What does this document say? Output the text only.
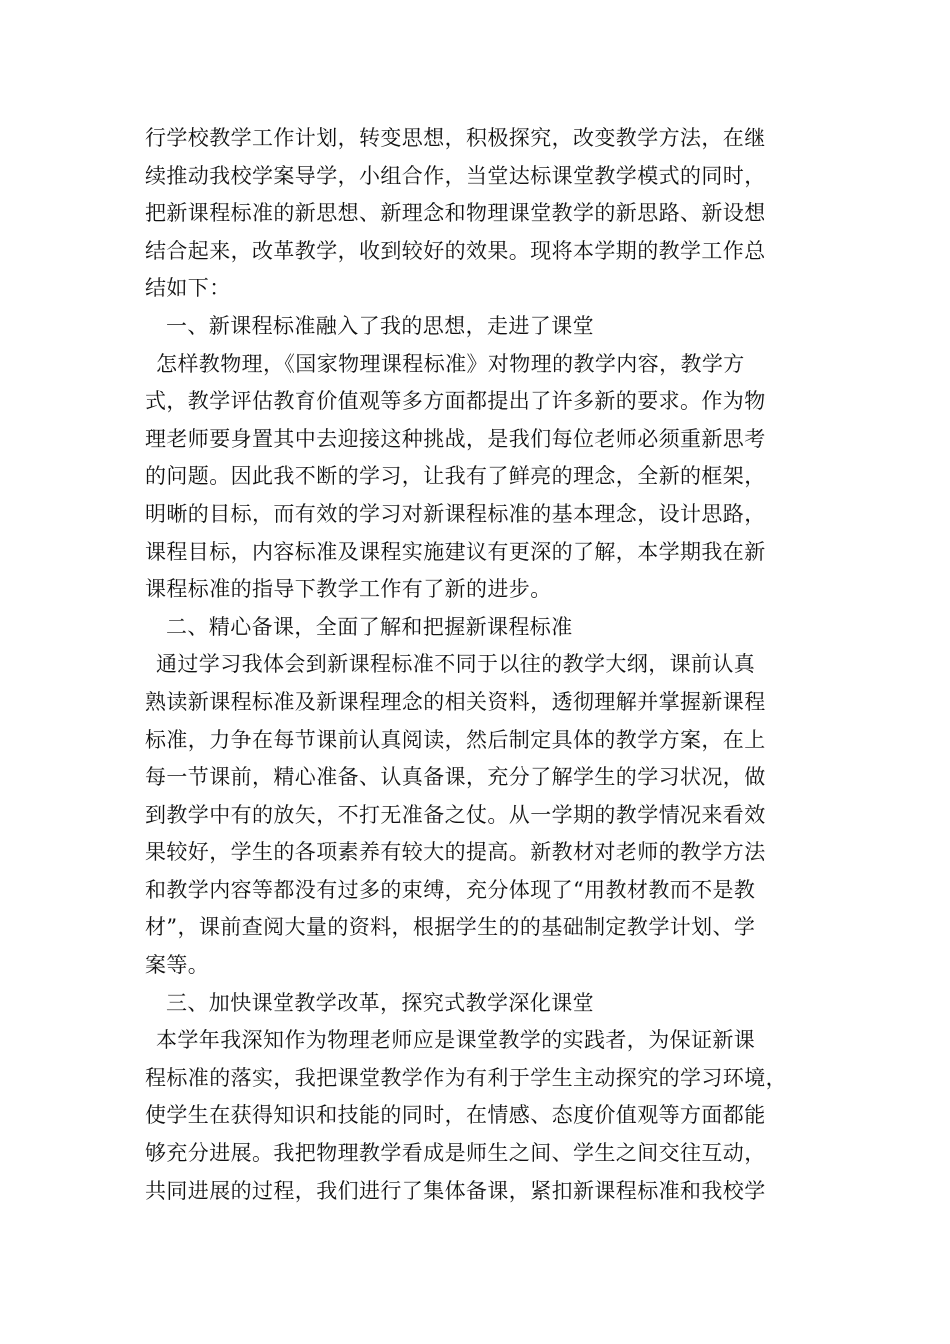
行学校教学工作计划，转变思想，积极探究，改变教学方法，在继
续推动我校学案导学，小组合作，当堂达标课堂教学模式的同时，
把新课程标准的新思想、新理念和物理课堂教学的新思路、新设想
结合起来，改革教学，收到较好的效果。现将本学期的教学工作总
结如下：
一、新课程标准融入了我的思想，走进了课堂
怎样教物理，《国家物理课程标准》对物理的教学内容，教学方
式，教学评估教育价值观等多方面都提出了许多新的要求。作为物
理老师要身置其中去迎接这种挑战，是我们每位老师必须重新思考
的问题。因此我不断的学习，让我有了鲜亮的理念，全新的框架，
明晰的目标，而有效的学习对新课程标准的基本理念，设计思路，
课程目标，内容标准及课程实施建议有更深的了解，本学期我在新
课程标准的指导下教学工作有了新的进步。
二、精心备课，全面了解和把握新课程标准
通过学习我体会到新课程标准不同于以往的教学大纲，课前认真
熟读新课程标准及新课程理念的相关资料，透彻理解并掌握新课程
标准，力争在每节课前认真阅读，然后制定具体的教学方案，在上
每一节课前，精心准备、认真备课，充分了解学生的学习状况，做
到教学中有的放矢，不打无准备之仗。从一学期的教学情况来看效
果较好，学生的各项素养有较大的提高。新教材对老师的教学方法
和教学内容等都没有过多的束缚，充分体现了“用教材教而不是教
材”，课前查阅大量的资料，根据学生的的基础制定教学计划、学
案等。
三、加快课堂教学改革，探究式教学深化课堂
本学年我深知作为物理老师应是课堂教学的实践者，为保证新课
程标准的落实，我把课堂教学作为有利于学生主动探究的学习环境，
使学生在获得知识和技能的同时，在情感、态度价值观等方面都能
够充分进展。我把物理教学看成是师生之间、学生之间交往互动，
共同进展的过程，我们进行了集体备课，紧扣新课程标准和我校学
